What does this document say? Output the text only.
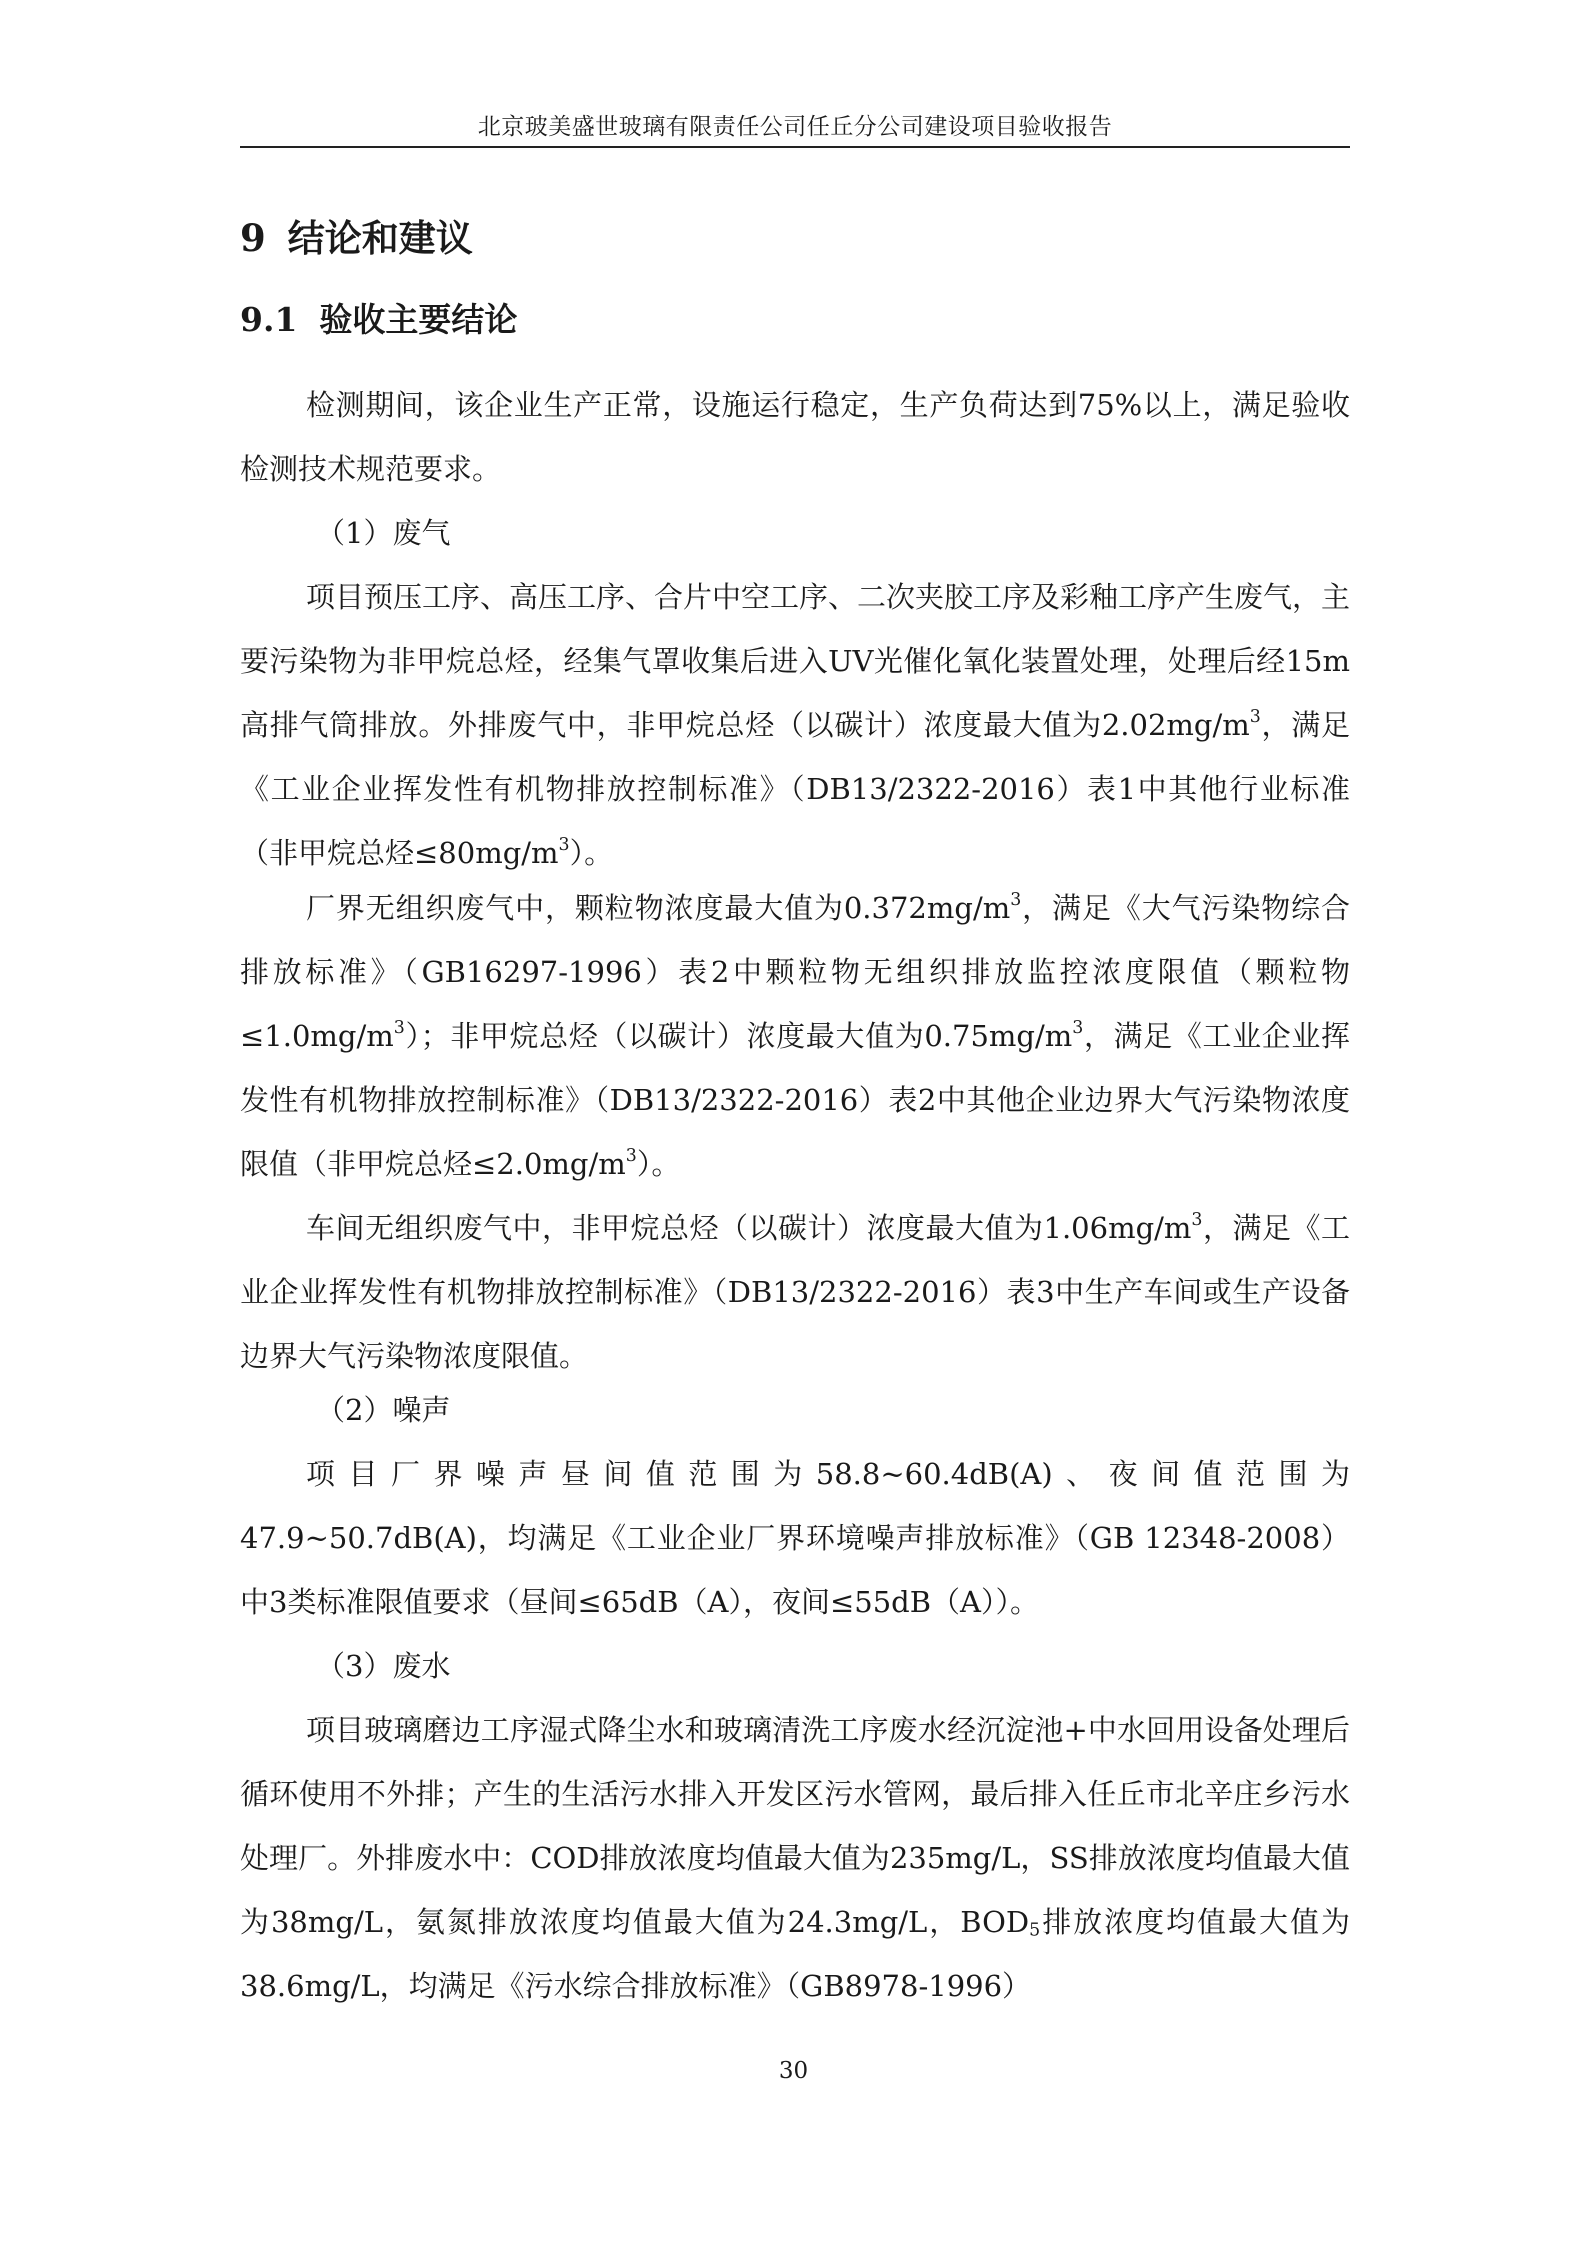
北京玻美盛世玻璃有限责任公司任丘分公司建设项目验收报告
9 结论和建议
9.1 验收主要结论

检测期间，该企业生产正常，设施运行稳定，生产负荷达到75%以上，满足验收检测技术规范要求。

（1）废气

项目预压工序、高压工序、合片中空工序、二次夹胶工序及彩釉工序产生废气，主要污染物为非甲烷总烃，经集气罩收集后进入UV光催化氧化装置处理，处理后经15m高排气筒排放。外排废气中，非甲烷总烃（以碳计）浓度最大值为$2.02mg/m^3$，满足《工业企业挥发性有机物排放控制标准》（DB13/2322-2016）表1中其他行业标准（非甲烷总烃$\le 80mg/m^3$）。

厂界无组织废气中，颗粒物浓度最大值为$0.372mg/m^3$，满足《大气污染物综合排放标准》（GB16297-1996）表2中颗粒物无组织排放监控浓度限值（颗粒物$\le 1.0mg/m^3$）；非甲烷总烃（以碳计）浓度最大值为$0.75mg/m^3$，满足《工业企业挥发性有机物排放控制标准》（DB13/2322-2016）表2中其他企业边界大气污染物浓度限值（非甲烷总烃$\le 2.0mg/m^3$）。

车间无组织废气中，非甲烷总烃（以碳计）浓度最大值为$1.06mg/m^3$，满足《工业企业挥发性有机物排放控制标准》（DB13/2322-2016）表3中生产车间或生产设备边界大气污染物浓度限值。

（2）噪声

项目厂界噪声昼间值范围为58.8~60.4dB(A)、夜间值范围为47.9~50.7dB(A)，均满足《工业企业厂界环境噪声排放标准》（GB 12348-2008）中3类标准限值要求（昼间≤65dB（A），夜间≤55dB（A））。

（3）废水

项目玻璃磨边工序湿式降尘水和玻璃清洗工序废水经沉淀池+中水回用设备处理后循环使用不外排；产生的生活污水排入开发区污水管网，最后排入任丘市北辛庄乡污水处理厂。外排废水中：COD排放浓度均值最大值为235mg/L，SS排放浓度均值最大值为38mg/L，氨氮排放浓度均值最大值为24.3mg/L，$BOD_5$排放浓度均值最大值为38.6mg/L，均满足《污水综合排放标准》（GB8978-1996）

30
